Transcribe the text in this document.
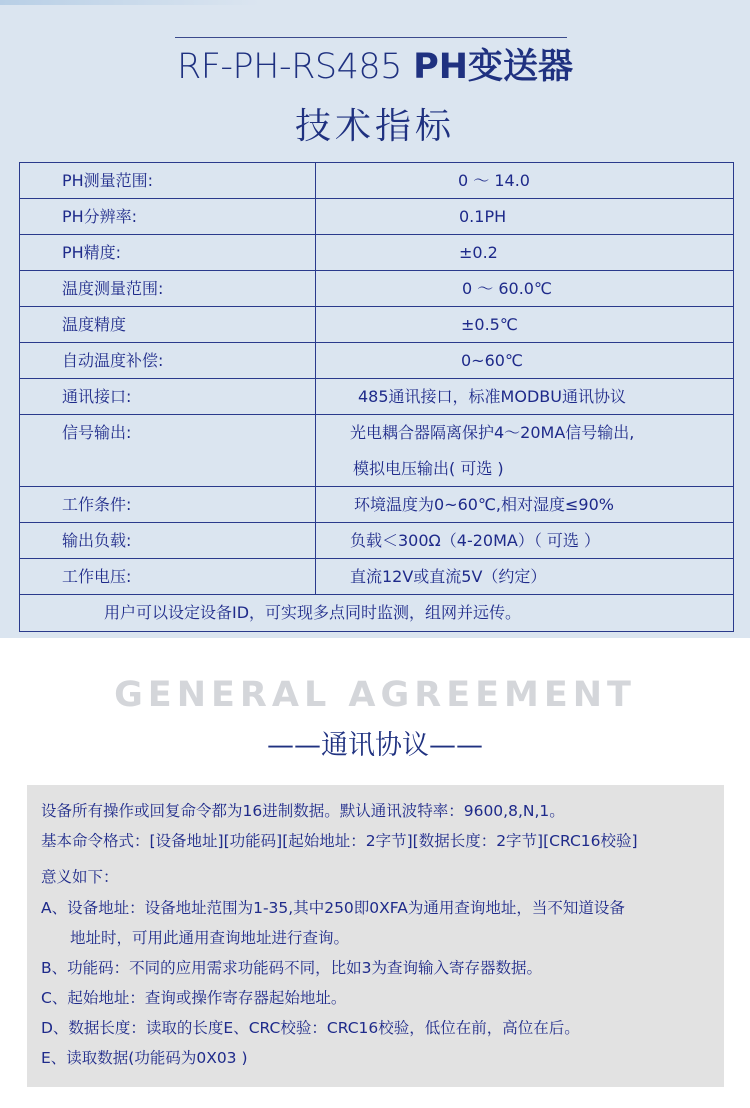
RF-PH-RS485 PH变送器
技术指标
PH测量范围:	0 ～ 14.0
PH分辨率:	0.1PH
PH精度:	±0.2
温度测量范围:	0 ～ 60.0℃
温度精度	±0.5℃
自动温度补偿:	0~60℃
通讯接口:	485通讯接口，标准MODBU通讯协议
信号输出:	光电耦合器隔离保护4～20MA信号输出,
模拟电压输出( 可选 )
工作条件:	环境温度为0~60℃,相对湿度≤90%
输出负载:	负载＜300Ω（4-20MA）（ 可选 ）
工作电压:	直流12V或直流5V（约定）
用户可以设定设备ID，可实现多点同时监测，组网并远传。
GENERAL AGREEMENT
——通讯协议——
设备所有操作或回复命令都为16进制数据。默认通讯波特率：9600,8,N,1。
基本命令格式：[设备地址][功能码][起始地址：2字节][数据长度：2字节][CRC16校验]
意义如下：
A、设备地址：设备地址范围为1-35,其中250即0XFA为通用查询地址，当不知道设备
地址时，可用此通用查询地址进行查询。
B、功能码：不同的应用需求功能码不同，比如3为查询输入寄存器数据。
C、起始地址：查询或操作寄存器起始地址。
D、数据长度：读取的长度E、CRC校验：CRC16校验，低位在前，高位在后。
E、读取数据(功能码为0X03 )
